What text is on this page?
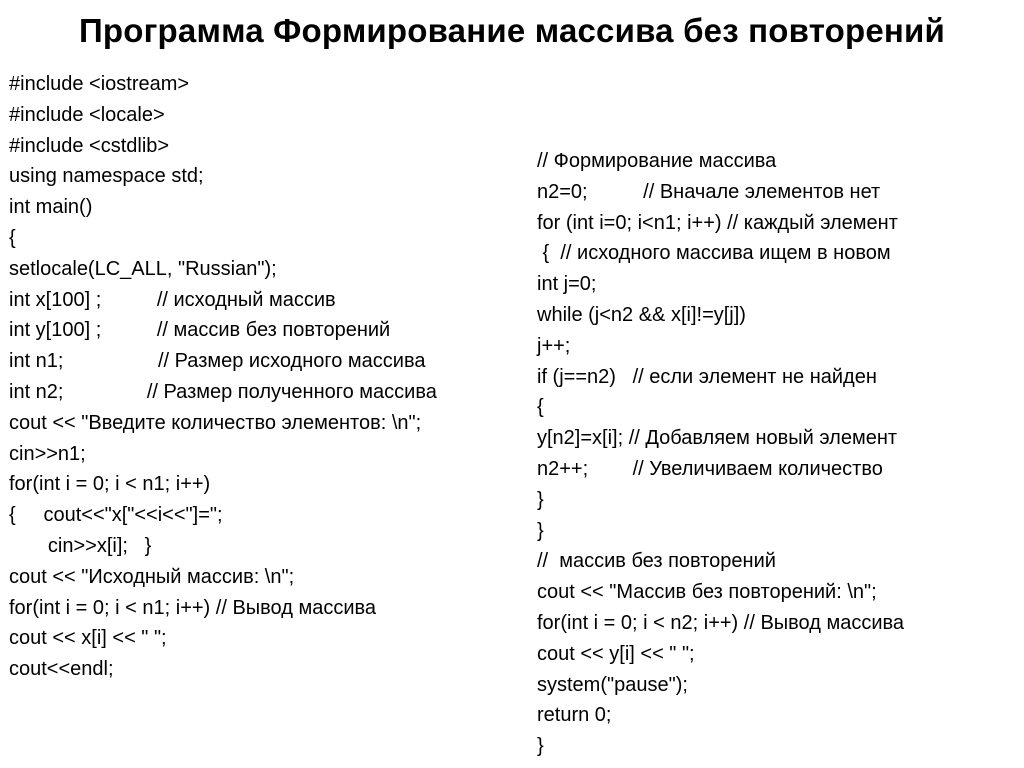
Программа Формирование массива без повторений
#include <iostream>
#include <locale>
#include <cstdlib>
using namespace std;
int main()
{
setlocale(LC_ALL, "Russian");
int x[100] ;          // исходный массив
int y[100] ;          // массив без повторений
int n1;                 // Размер исходного массива
int n2;               // Размер полученного массива
cout << "Введите количество элементов: \n";
cin>>n1;
for(int i = 0; i < n1; i++)
{     cout<<"x["<<i<<"]=";
cin>>x[i];   }
cout << "Исходный массив: \n";
for(int i = 0; i < n1; i++) // Вывод массива
cout << x[i] << " ";
cout<<endl;
// Формирование массива
n2=0;          // Вначале элементов нет
for (int i=0; i<n1; i++) // каждый элемент
{  // исходного массива ищем в новом
int j=0;
while (j<n2 && x[i]!=y[j])
j++;
if (j==n2)   // если элемент не найден
{
y[n2]=x[i]; // Добавляем новый элемент
n2++;        // Увеличиваем количество
}
}
//  массив без повторений
cout << "Массив без повторений: \n";
for(int i = 0; i < n2; i++) // Вывод массива
cout << y[i] << " ";
system("pause");
return 0;
}
